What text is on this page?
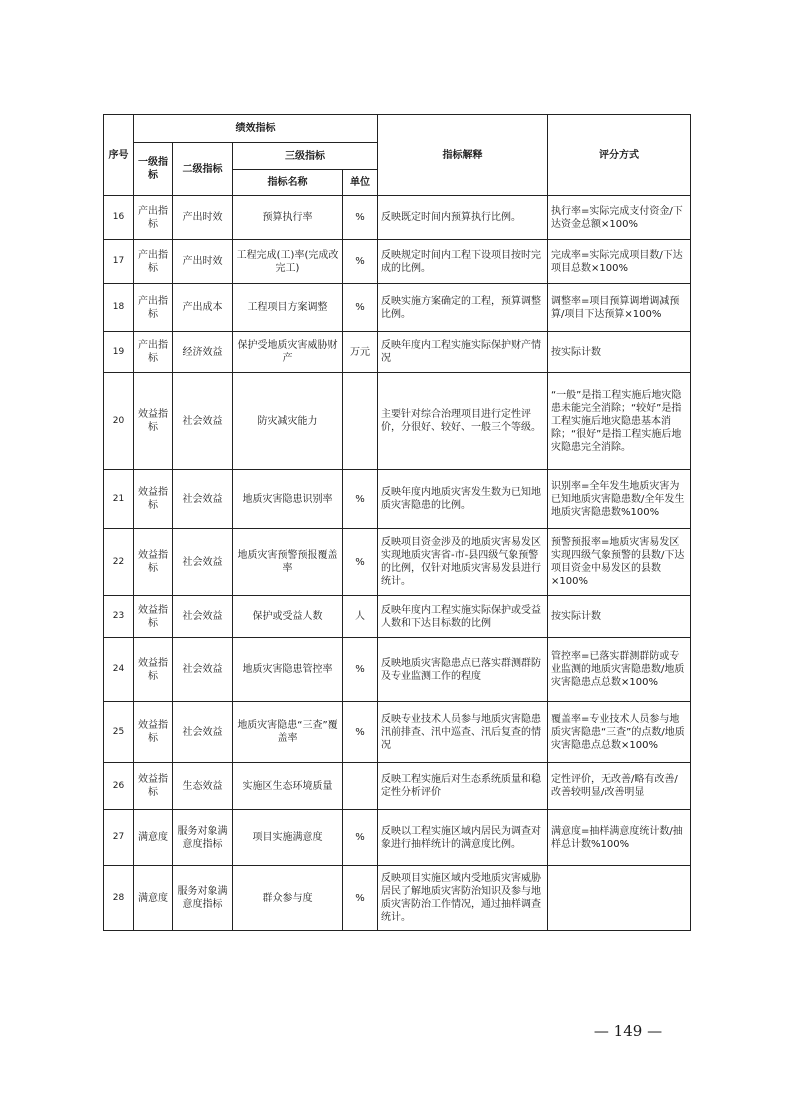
序号	绩效指标				指标解释	评分方式
	一级指标	二级指标	三级指标			
			指标名称	单位		
16	产出指标	产出时效	预算执行率	%	反映既定时间内预算执行比例。	执行率=实际完成支付资金/下达资金总额×100%
17	产出指标	产出时效	工程完成(工)率(完成改完工)	%	反映规定时间内工程下设项目按时完成的比例。	完成率=实际完成项目数/下达项目总数×100%
18	产出指标	产出成本	工程项目方案调整	%	反映实施方案确定的工程，预算调整比例。	调整率=项目预算调增调减预算/项目下达预算×100%
19	产出指标	经济效益	保护受地质灾害威胁财产	万元	反映年度内工程实施实际保护财产情况	按实际计数
20	效益指标	社会效益	防灾减灾能力		主要针对综合治理项目进行定性评价，分很好、较好、一般三个等级。	“一般”是指工程实施后地灾隐患未能完全消除；“较好”是指工程实施后地灾隐患基本消除；“很好”是指工程实施后地灾隐患完全消除。
21	效益指标	社会效益	地质灾害隐患识别率	%	反映年度内地质灾害发生数为已知地质灾害隐患的比例。	识别率=全年发生地质灾害为已知地质灾害隐患数/全年发生地质灾害隐患数%100%
22	效益指标	社会效益	地质灾害预警预报覆盖率	%	反映项目资金涉及的地质灾害易发区实现地质灾害省-市-县四级气象预警的比例，仅针对地质灾害易发县进行统计。	预警预报率=地质灾害易发区实现四级气象预警的县数/下达项目资金中易发区的县数×100%
23	效益指标	社会效益	保护或受益人数	人	反映年度内工程实施实际保护或受益人数和下达目标数的比例	按实际计数
24	效益指标	社会效益	地质灾害隐患管控率	%	反映地质灾害隐患点已落实群测群防及专业监测工作的程度	管控率=已落实群测群防或专业监测的地质灾害隐患数/地质灾害隐患点总数×100%
25	效益指标	社会效益	地质灾害隐患“三查”覆盖率	%	反映专业技术人员参与地质灾害隐患汛前排查、汛中巡查、汛后复查的情况	覆盖率=专业技术人员参与地质灾害隐患“三查”的点数/地质灾害隐患点总数×100%
26	效益指标	生态效益	实施区生态环境质量		反映工程实施后对生态系统质量和稳定性分析评价	定性评价，无改善/略有改善/改善较明显/改善明显
27	满意度	服务对象满意度指标	项目实施满意度	%	反映以工程实施区域内居民为调查对象进行抽样统计的满意度比例。	满意度=抽样满意度统计数/抽样总计数%100%
28	满意度	服务对象满意度指标	群众参与度	%	反映项目实施区域内受地质灾害威胁居民了解地质灾害防治知识及参与地质灾害防治工作情况，通过抽样调查统计。	
— 149 —
